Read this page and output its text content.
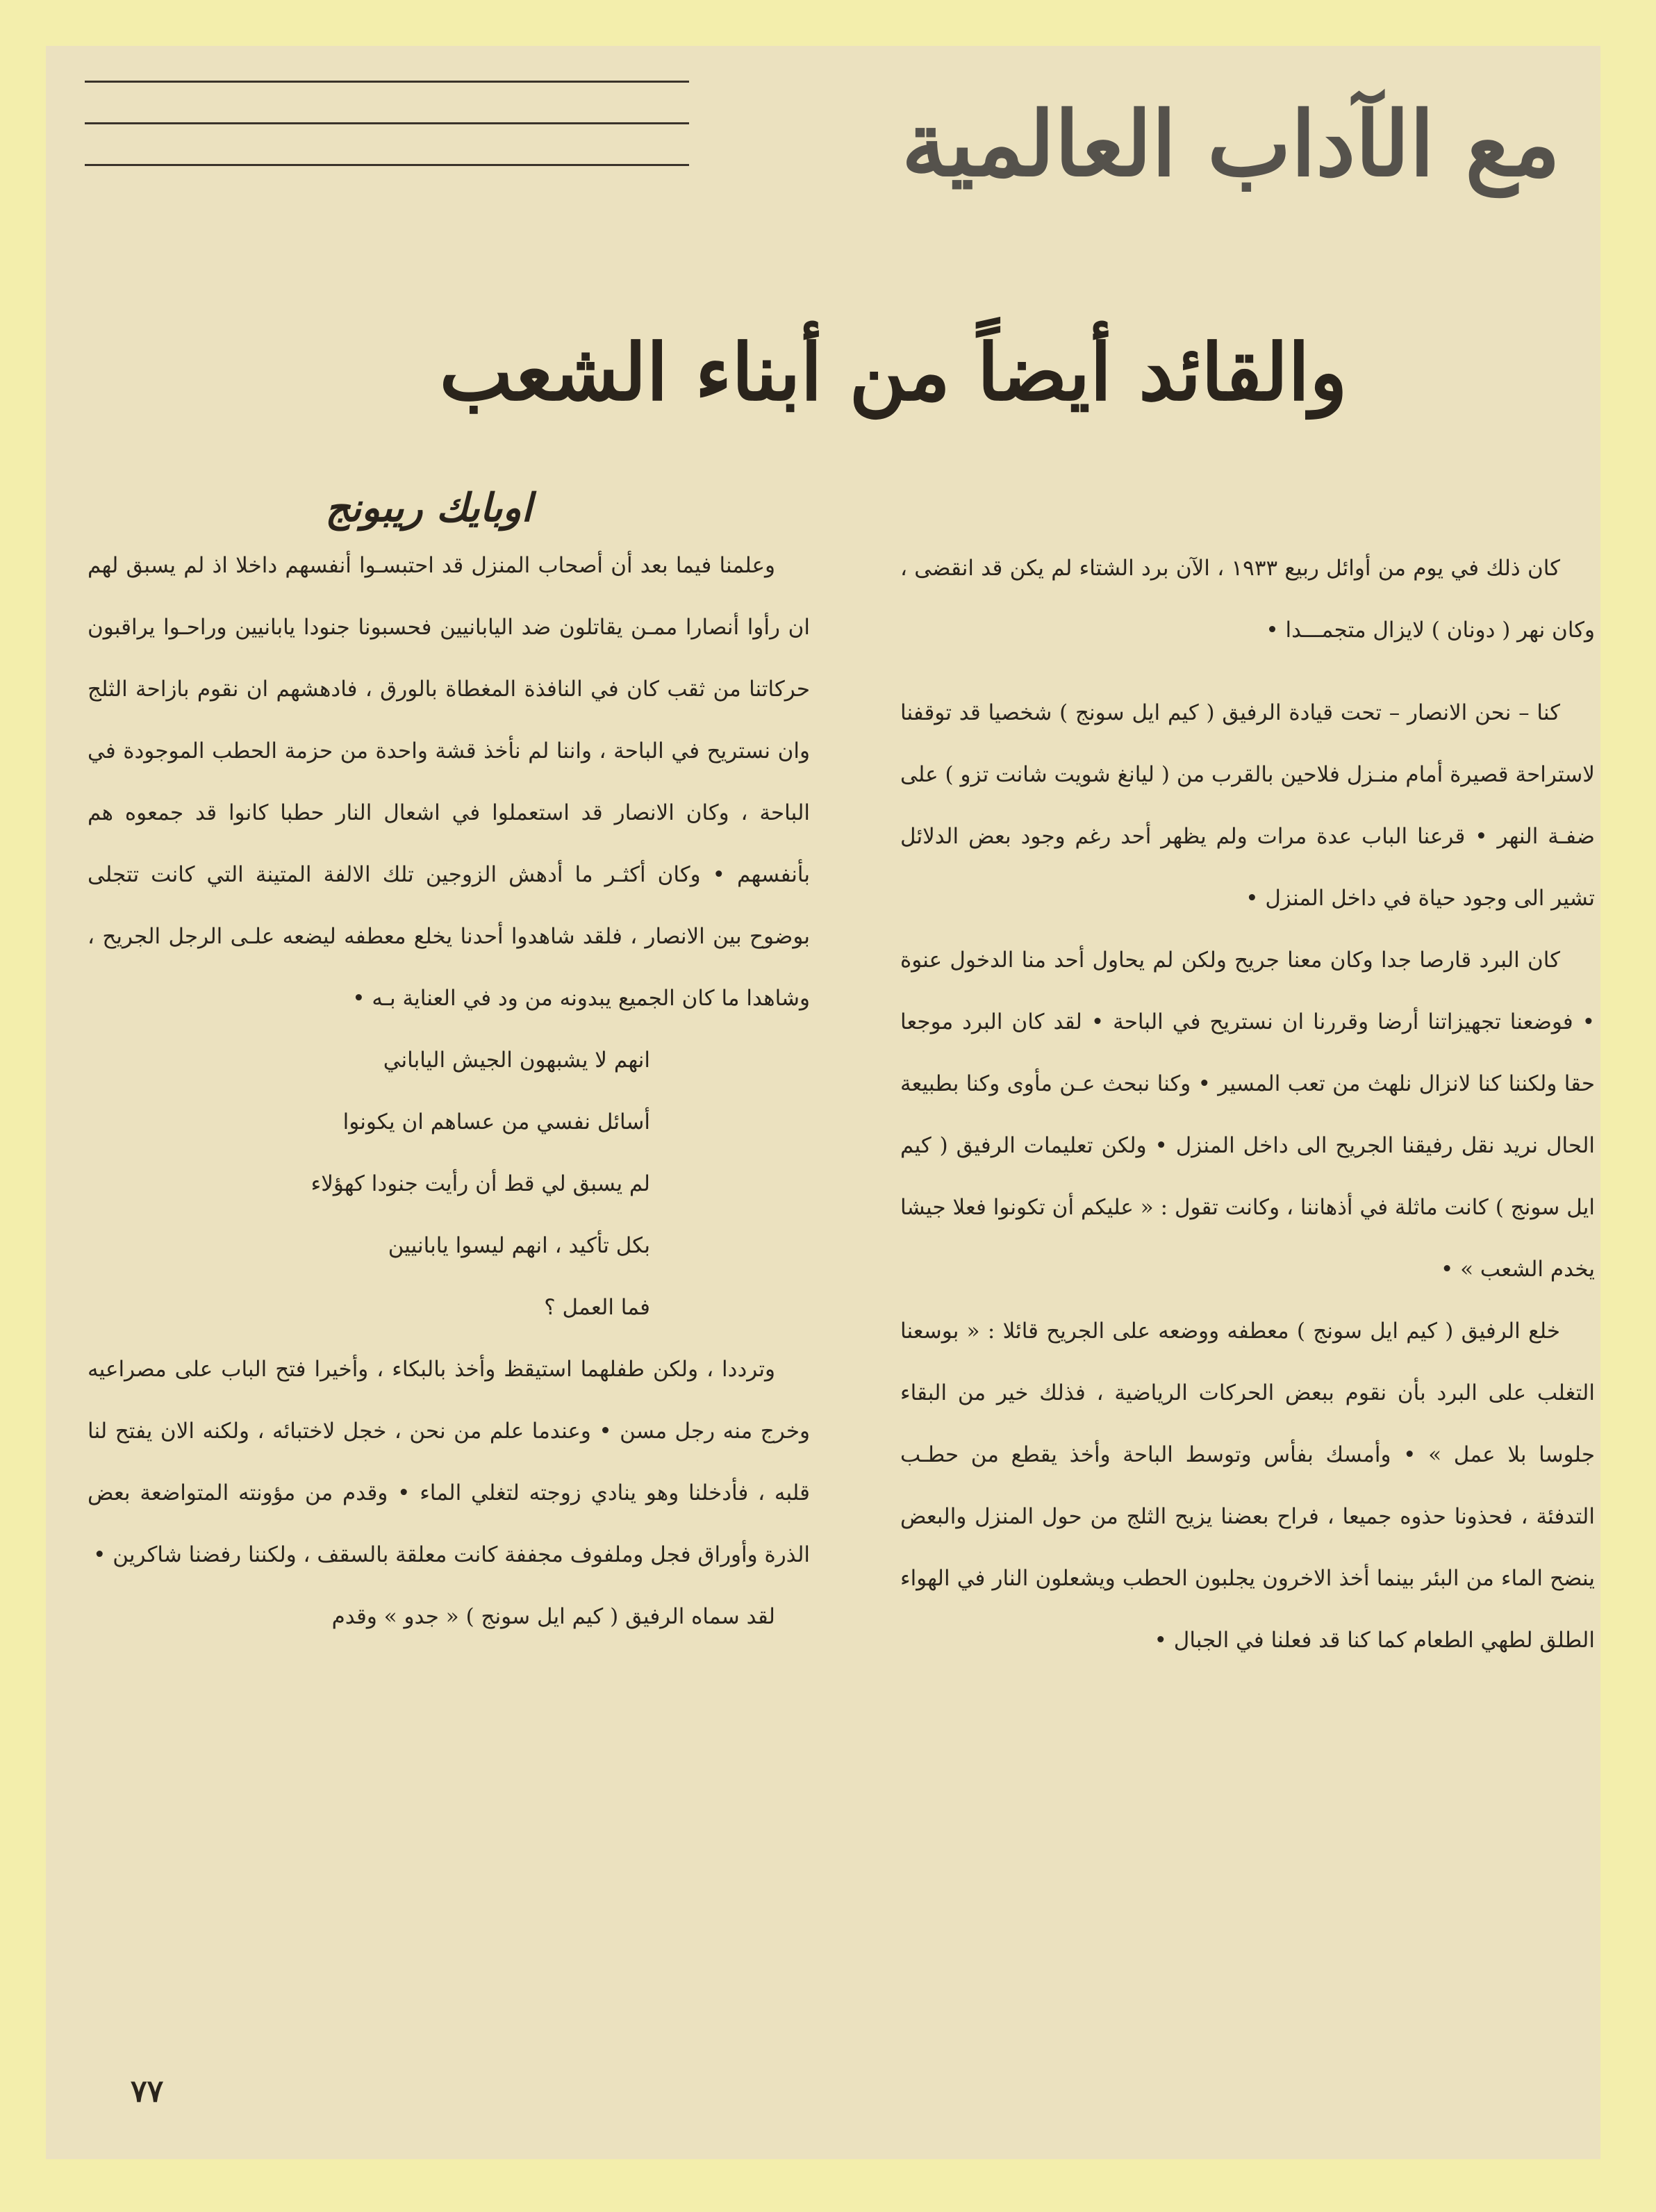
مع الآداب العالمية
والقائد أيضاً من أبناء الشعب
اوبايك ريبونج

كان ذلك في يوم من أوائل ربيع ١٩٣٣ ، الآن برد الشتاء لم يكن قد انقضى ، وكان نهر ( دونان ) لايزال متجمـــدا •

كنا – نحن الانصار – تحت قيادة الرفيق ( كيم ايل سونج ) شخصيا قد توقفنا لاستراحة قصيرة أمام منـزل فلاحين بالقرب من ( ليانغ شويت شانت تزو ) على ضفـة النهر • قرعنا الباب عدة مرات ولم يظهر أحد رغم وجود بعض الدلائل تشير الى وجود حياة في داخل المنزل •

كان البرد قارصا جدا وكان معنا جريح ولكن لم يحاول أحد منا الدخول عنوة • فوضعنا تجهيزاتنا أرضا وقررنا ان نستريح في الباحة • لقد كان البرد موجعا حقا ولكننا كنا لانزال نلهث من تعب المسير • وكنا نبحث عـن مأوى وكنا بطبيعة الحال نريد نقل رفيقنا الجريح الى داخل المنزل • ولكن تعليمات الرفيق ( كيم ايل سونج ) كانت ماثلة في أذهاننا ، وكانت تقول : « عليكم أن تكونوا فعلا جيشا يخدم الشعب » •

خلع الرفيق ( كيم ايل سونج ) معطفه ووضعه على الجريح قائلا : « بوسعنا التغلب على البرد بأن نقوم ببعض الحركات الرياضية ، فذلك خير من البقاء جلوسا بلا عمل » • وأمسك بفأس وتوسط الباحة وأخذ يقطع من حطـب التدفئة ، فحذونا حذوه جميعا ، فراح بعضنا يزيح الثلج من حول المنزل والبعض ينضح الماء من البئر بينما أخذ الاخرون يجلبون الحطب ويشعلون النار في الهواء الطلق لطهي الطعام كما كنا قد فعلنا في الجبال •

وعلمنا فيما بعد أن أصحاب المنزل قد احتبسـوا أنفسهم داخلا اذ لم يسبق لهم ان رأوا أنصارا ممـن يقاتلون ضد اليابانيين فحسبونا جنودا يابانيين وراحـوا يراقبون حركاتنا من ثقب كان في النافذة المغطاة بالورق ، فادهشهم ان نقوم بازاحة الثلج وان نستريح في الباحة ، واننا لم نأخذ قشة واحدة من حزمة الحطب الموجودة في الباحة ، وكان الانصار قد استعملوا في اشعال النار حطبا كانوا قد جمعوه هم بأنفسهم • وكان أكثـر ما أدهش الزوجين تلك الالفة المتينة التي كانت تتجلى بوضوح بين الانصار ، فلقد شاهدوا أحدنا يخلع معطفه ليضعه علـى الرجل الجريح ، وشاهدا ما كان الجميع يبدونه من ود في العناية بـه •

انهم لا يشبهون الجيش الياباني

أسائل نفسي من عساهم ان يكونوا

لم يسبق لي قط أن رأيت جنودا كهؤلاء

بكل تأكيد ، انهم ليسوا يابانيين

فما العمل ؟

وترددا ، ولكن طفلهما استيقظ وأخذ بالبكاء ، وأخيرا فتح الباب على مصراعيه وخرج منه رجل مسن • وعندما علم من نحن ، خجل لاختبائه ، ولكنه الان يفتح لنا قلبه ، فأدخلنا وهو ينادي زوجته لتغلي الماء • وقدم من مؤونته المتواضعة بعض الذرة وأوراق فجل وملفوف مجففة كانت معلقة بالسقف ، ولكننا رفضنا شاكرين •

لقد سماه الرفيق ( كيم ايل سونج ) « جدو » وقدم

٧٧
